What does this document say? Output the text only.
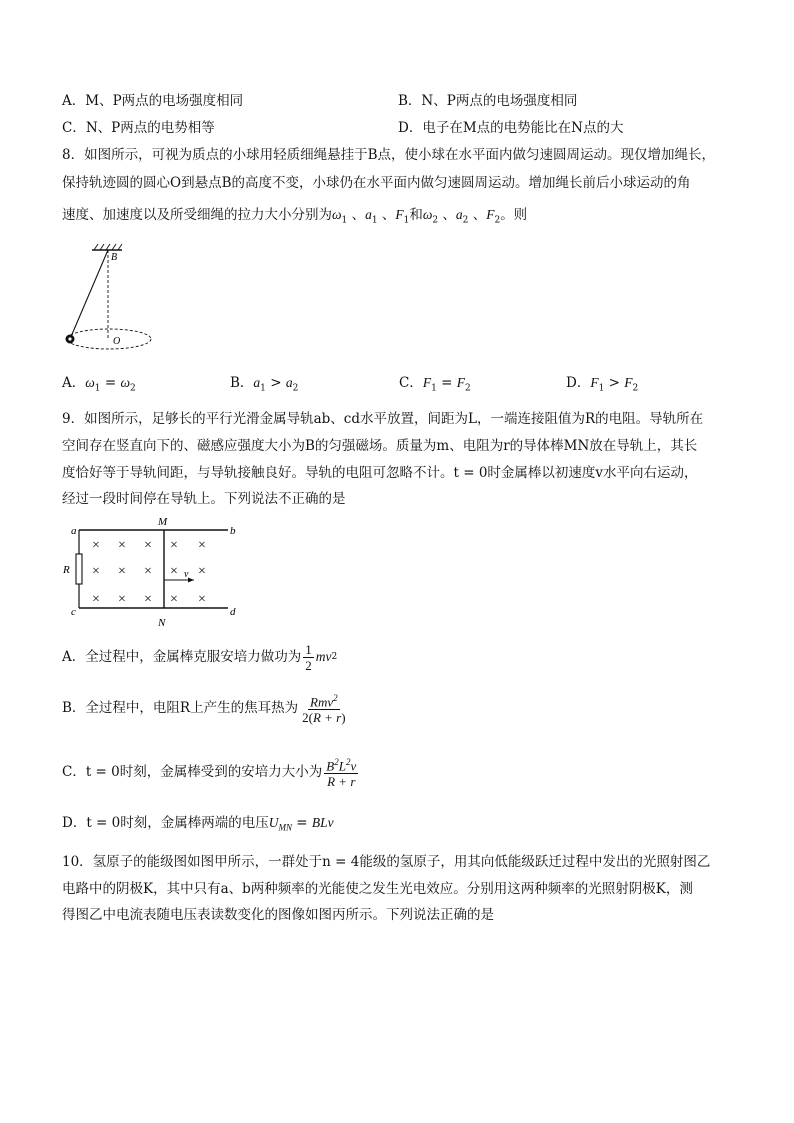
A．M、P两点的电场强度相同	B．N、P两点的电场强度相同
C．N、P两点的电势相等	D．电子在M点的电势能比在N点的大
8．如图所示，可视为质点的小球用轻质细绳悬挂于B点，使小球在水平面内做匀速圆周运动。现仅增加绳长，
保持轨迹圆的圆心O到悬点B的高度不变，小球仍在水平面内做匀速圆周运动。增加绳长前后小球运动的角
速度、加速度以及所受细绳的拉力大小分别为$\omega_1$ 、$a_1$ 、$F_1$和$\omega_2$ 、$a_2$ 、$F_2$。则
B
O
A．$\omega_1 = \omega_2$	B．$a_1 > a_2$	C．$F_1 = F_2$	D．$F_1 > F_2$
9．如图所示，足够长的平行光滑金属导轨ab、cd水平放置，间距为L，一端连接阻值为R的电阻。导轨所在
空间存在竖直向下的、磁感应强度大小为B的匀强磁场。质量为m、电阻为r的导体棒MN放在导轨上，其长
度恰好等于导轨间距，与导轨接触良好。导轨的电阻可忽略不计。t = 0时金属棒以初速度v水平向右运动，
经过一段时间停在导轨上。下列说法不正确的是
× × × × ×
× × × × ×
× × × × ×
a	b
c	d
M
N
R	v
A．全过程中，金属棒克服安培力做功为 $\frac{1}{2}$ mv 2
B．全过程中，电阻R上产生的焦耳热为 $\frac{Rmv^2}{2(R + r)}$
C．t = 0时刻，金属棒受到的安培力大小为 $\frac{B^2L^2v}{R + r}$
D．t = 0时刻，金属棒两端的电压$U_{MN}$ = BLv
10．氢原子的能级图如图甲所示，一群处于n = 4能级的氢原子，用其向低能级跃迁过程中发出的光照射图乙
电路中的阴极K，其中只有a、b两种频率的光能使之发生光电效应。分别用这两种频率的光照射阴极K，测
得图乙中电流表随电压表读数变化的图像如图丙所示。下列说法正确的是
